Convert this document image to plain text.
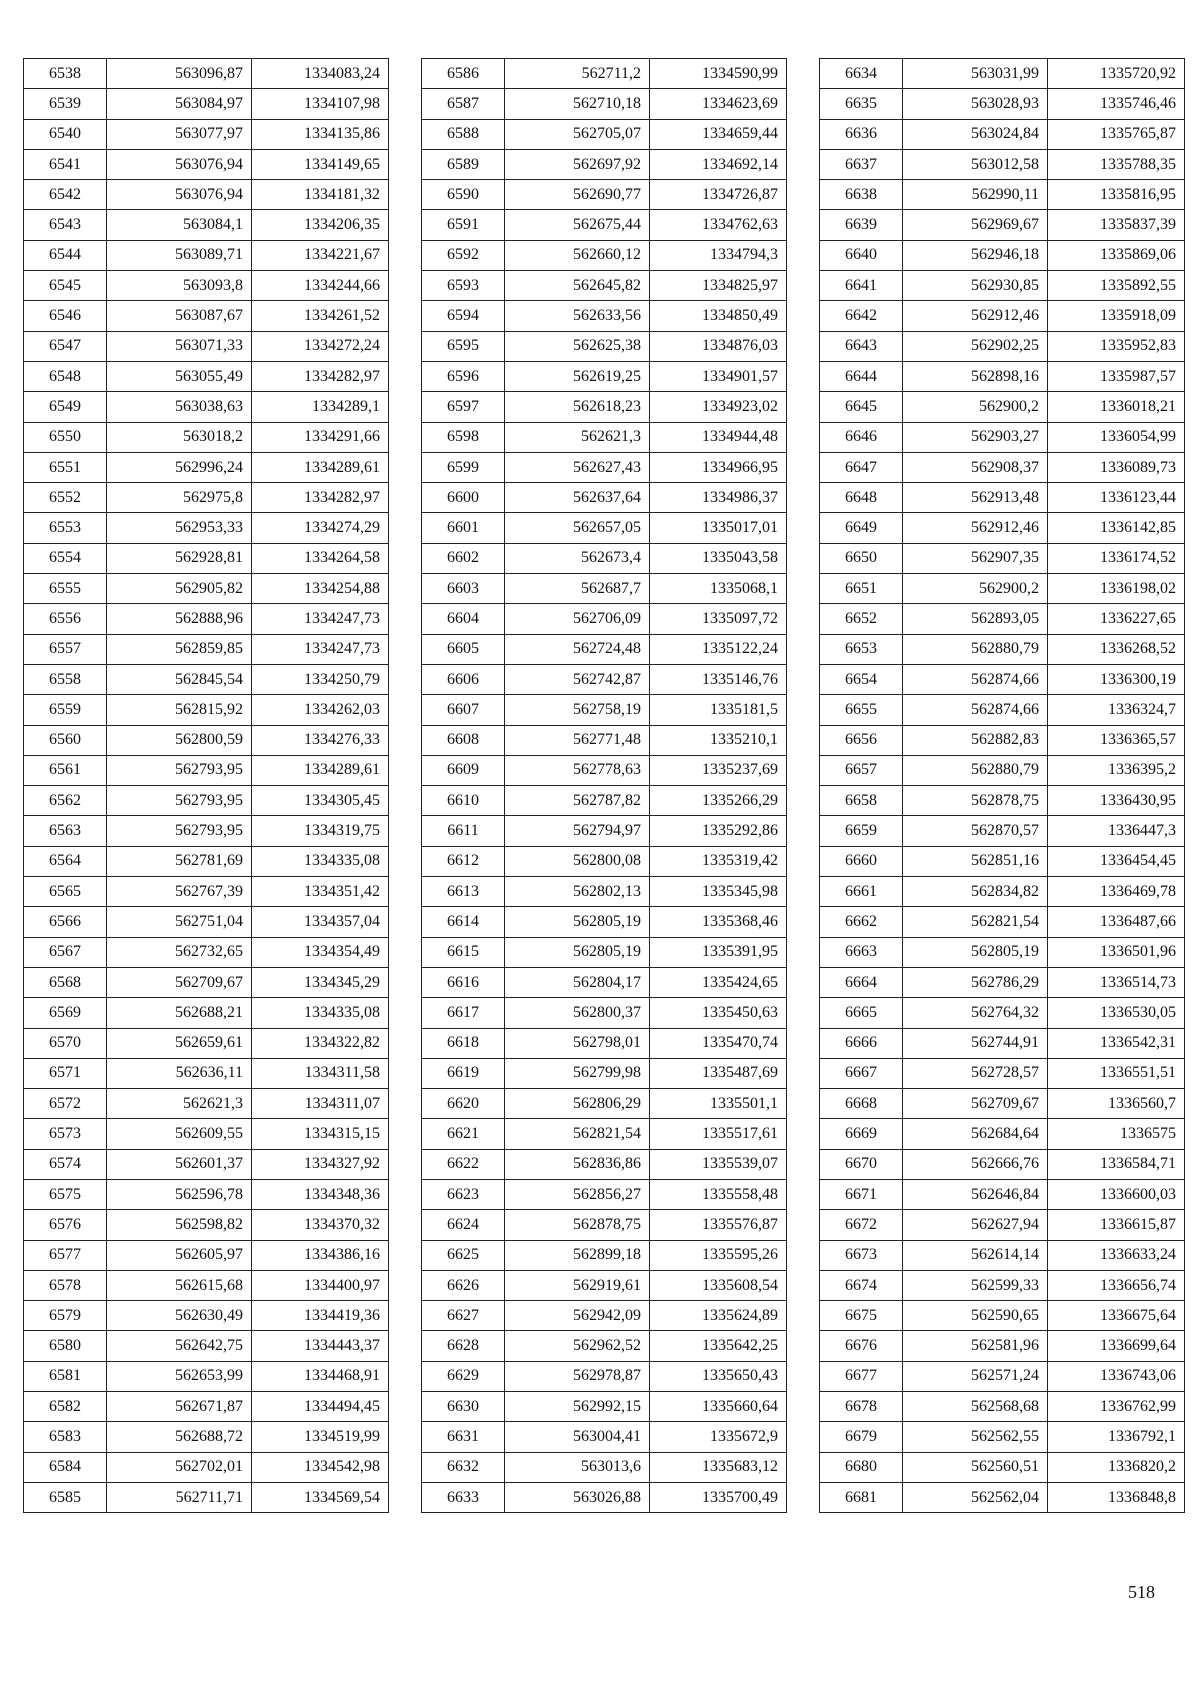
6538	563096,87	1334083,24
6539	563084,97	1334107,98
6540	563077,97	1334135,86
6541	563076,94	1334149,65
6542	563076,94	1334181,32
6543	563084,1	1334206,35
6544	563089,71	1334221,67
6545	563093,8	1334244,66
6546	563087,67	1334261,52
6547	563071,33	1334272,24
6548	563055,49	1334282,97
6549	563038,63	1334289,1
6550	563018,2	1334291,66
6551	562996,24	1334289,61
6552	562975,8	1334282,97
6553	562953,33	1334274,29
6554	562928,81	1334264,58
6555	562905,82	1334254,88
6556	562888,96	1334247,73
6557	562859,85	1334247,73
6558	562845,54	1334250,79
6559	562815,92	1334262,03
6560	562800,59	1334276,33
6561	562793,95	1334289,61
6562	562793,95	1334305,45
6563	562793,95	1334319,75
6564	562781,69	1334335,08
6565	562767,39	1334351,42
6566	562751,04	1334357,04
6567	562732,65	1334354,49
6568	562709,67	1334345,29
6569	562688,21	1334335,08
6570	562659,61	1334322,82
6571	562636,11	1334311,58
6572	562621,3	1334311,07
6573	562609,55	1334315,15
6574	562601,37	1334327,92
6575	562596,78	1334348,36
6576	562598,82	1334370,32
6577	562605,97	1334386,16
6578	562615,68	1334400,97
6579	562630,49	1334419,36
6580	562642,75	1334443,37
6581	562653,99	1334468,91
6582	562671,87	1334494,45
6583	562688,72	1334519,99
6584	562702,01	1334542,98
6585	562711,71	1334569,54
6586	562711,2	1334590,99
6587	562710,18	1334623,69
6588	562705,07	1334659,44
6589	562697,92	1334692,14
6590	562690,77	1334726,87
6591	562675,44	1334762,63
6592	562660,12	1334794,3
6593	562645,82	1334825,97
6594	562633,56	1334850,49
6595	562625,38	1334876,03
6596	562619,25	1334901,57
6597	562618,23	1334923,02
6598	562621,3	1334944,48
6599	562627,43	1334966,95
6600	562637,64	1334986,37
6601	562657,05	1335017,01
6602	562673,4	1335043,58
6603	562687,7	1335068,1
6604	562706,09	1335097,72
6605	562724,48	1335122,24
6606	562742,87	1335146,76
6607	562758,19	1335181,5
6608	562771,48	1335210,1
6609	562778,63	1335237,69
6610	562787,82	1335266,29
6611	562794,97	1335292,86
6612	562800,08	1335319,42
6613	562802,13	1335345,98
6614	562805,19	1335368,46
6615	562805,19	1335391,95
6616	562804,17	1335424,65
6617	562800,37	1335450,63
6618	562798,01	1335470,74
6619	562799,98	1335487,69
6620	562806,29	1335501,1
6621	562821,54	1335517,61
6622	562836,86	1335539,07
6623	562856,27	1335558,48
6624	562878,75	1335576,87
6625	562899,18	1335595,26
6626	562919,61	1335608,54
6627	562942,09	1335624,89
6628	562962,52	1335642,25
6629	562978,87	1335650,43
6630	562992,15	1335660,64
6631	563004,41	1335672,9
6632	563013,6	1335683,12
6633	563026,88	1335700,49
6634	563031,99	1335720,92
6635	563028,93	1335746,46
6636	563024,84	1335765,87
6637	563012,58	1335788,35
6638	562990,11	1335816,95
6639	562969,67	1335837,39
6640	562946,18	1335869,06
6641	562930,85	1335892,55
6642	562912,46	1335918,09
6643	562902,25	1335952,83
6644	562898,16	1335987,57
6645	562900,2	1336018,21
6646	562903,27	1336054,99
6647	562908,37	1336089,73
6648	562913,48	1336123,44
6649	562912,46	1336142,85
6650	562907,35	1336174,52
6651	562900,2	1336198,02
6652	562893,05	1336227,65
6653	562880,79	1336268,52
6654	562874,66	1336300,19
6655	562874,66	1336324,7
6656	562882,83	1336365,57
6657	562880,79	1336395,2
6658	562878,75	1336430,95
6659	562870,57	1336447,3
6660	562851,16	1336454,45
6661	562834,82	1336469,78
6662	562821,54	1336487,66
6663	562805,19	1336501,96
6664	562786,29	1336514,73
6665	562764,32	1336530,05
6666	562744,91	1336542,31
6667	562728,57	1336551,51
6668	562709,67	1336560,7
6669	562684,64	1336575
6670	562666,76	1336584,71
6671	562646,84	1336600,03
6672	562627,94	1336615,87
6673	562614,14	1336633,24
6674	562599,33	1336656,74
6675	562590,65	1336675,64
6676	562581,96	1336699,64
6677	562571,24	1336743,06
6678	562568,68	1336762,99
6679	562562,55	1336792,1
6680	562560,51	1336820,2
6681	562562,04	1336848,8
518
